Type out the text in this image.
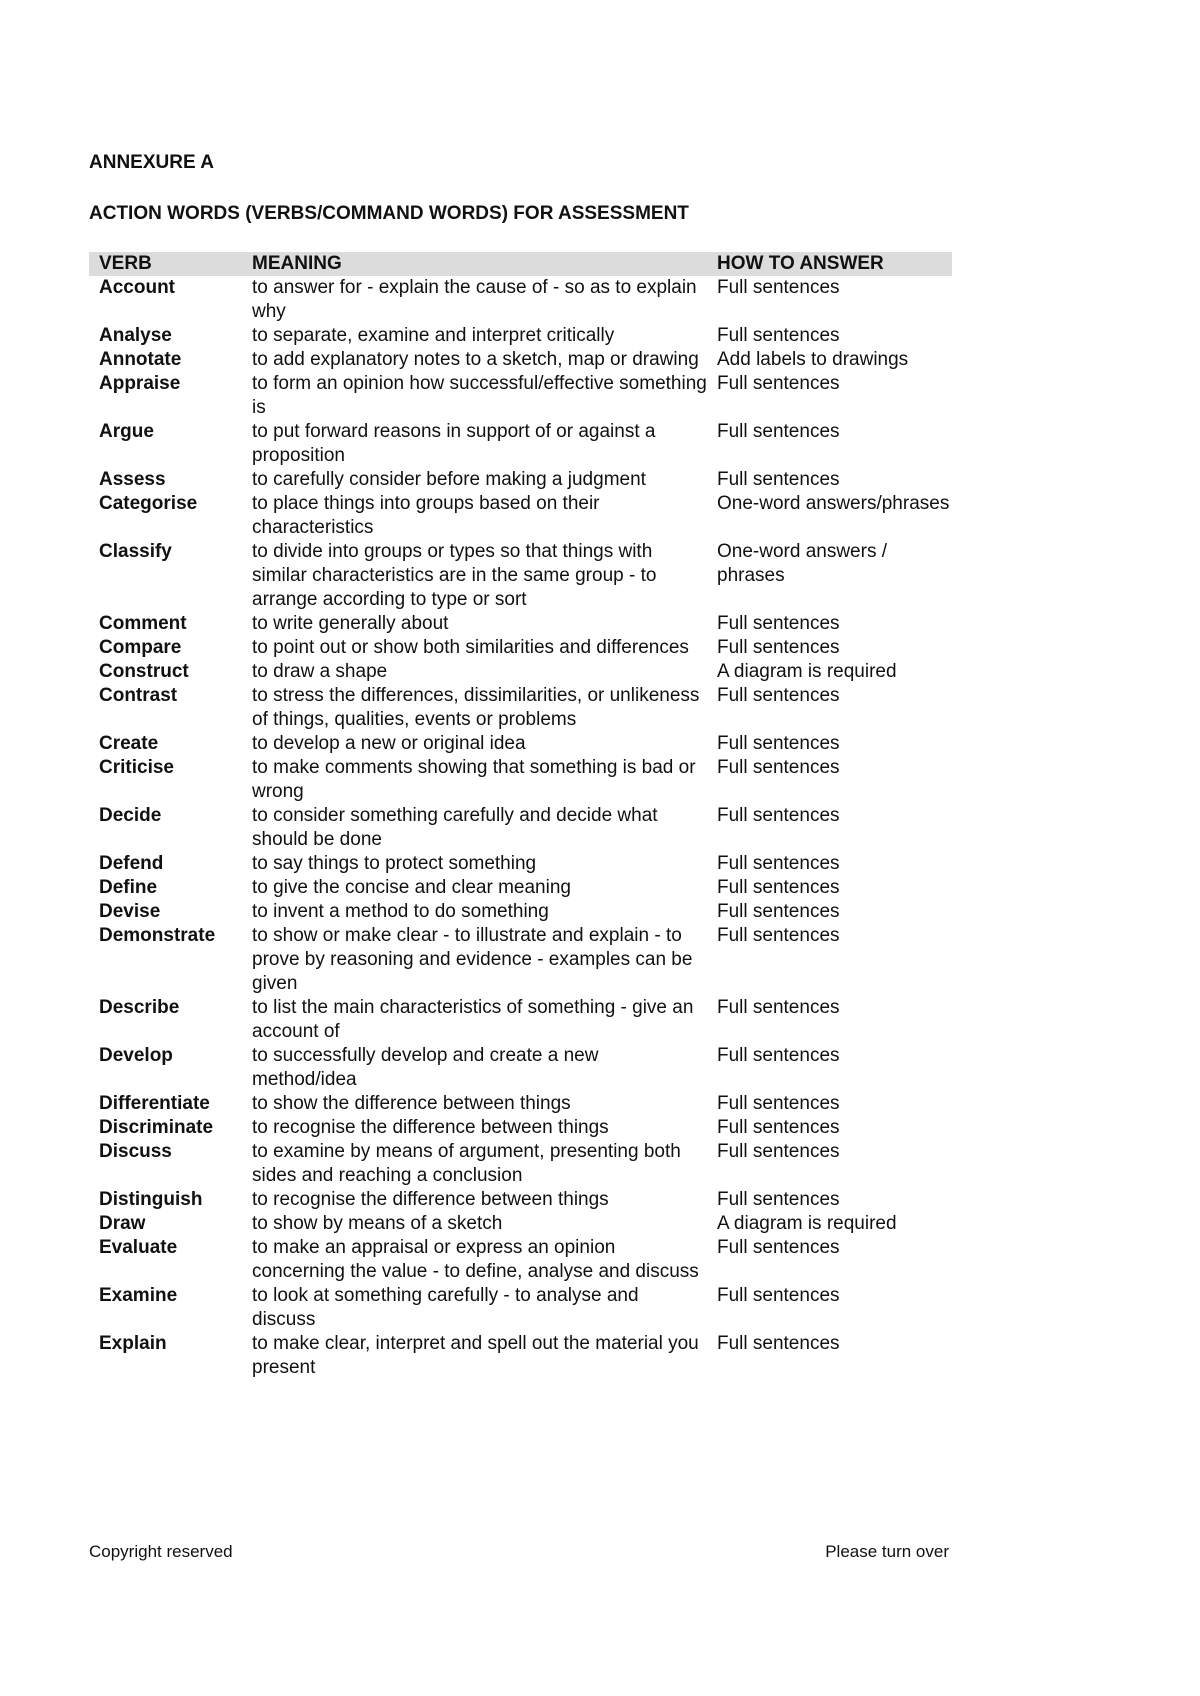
ANNEXURE A
ACTION WORDS (VERBS/COMMAND WORDS) FOR ASSESSMENT
VERB	MEANING	HOW TO ANSWER
Account	to answer for - explain the cause of - so as to explain why	Full sentences
Analyse	to separate, examine and interpret critically	Full sentences
Annotate	to add explanatory notes to a sketch, map or drawing	Add labels to drawings
Appraise	to form an opinion how successful/effective something is	Full sentences
Argue	to put forward reasons in support of or against a proposition	Full sentences
Assess	to carefully consider before making a judgment	Full sentences
Categorise	to place things into groups based on their characteristics	One-word answers/phrases
Classify	to divide into groups or types so that things with similar characteristics are in the same group - to arrange according to type or sort	One-word answers / phrases
Comment	to write generally about	Full sentences
Compare	to point out or show both similarities and differences	Full sentences
Construct	to draw a shape	A diagram is required
Contrast	to stress the differences, dissimilarities, or unlikeness of things, qualities, events or problems	Full sentences
Create	to develop a new or original idea	Full sentences
Criticise	to make comments showing that something is bad or wrong	Full sentences
Decide	to consider something carefully and decide what should be done	Full sentences
Defend	to say things to protect something	Full sentences
Define	to give the concise and clear meaning	Full sentences
Devise	to invent a method to do something	Full sentences
Demonstrate	to show or make clear - to illustrate and explain - to prove by reasoning and evidence - examples can be given	Full sentences
Describe	to list the main characteristics of something - give an account of	Full sentences
Develop	to successfully develop and create a new method/idea	Full sentences
Differentiate	to show the difference between things	Full sentences
Discriminate	to recognise the difference between things	Full sentences
Discuss	to examine by means of argument, presenting both sides and reaching a conclusion	Full sentences
Distinguish	to recognise the difference between things	Full sentences
Draw	to show by means of a sketch	A diagram is required
Evaluate	to make an appraisal or express an opinion concerning the value - to define, analyse and discuss	Full sentences
Examine	to look at something carefully - to analyse and discuss	Full sentences
Explain	to make clear, interpret and spell out the material you present	Full sentences
Copyright reserved	Please turn over
